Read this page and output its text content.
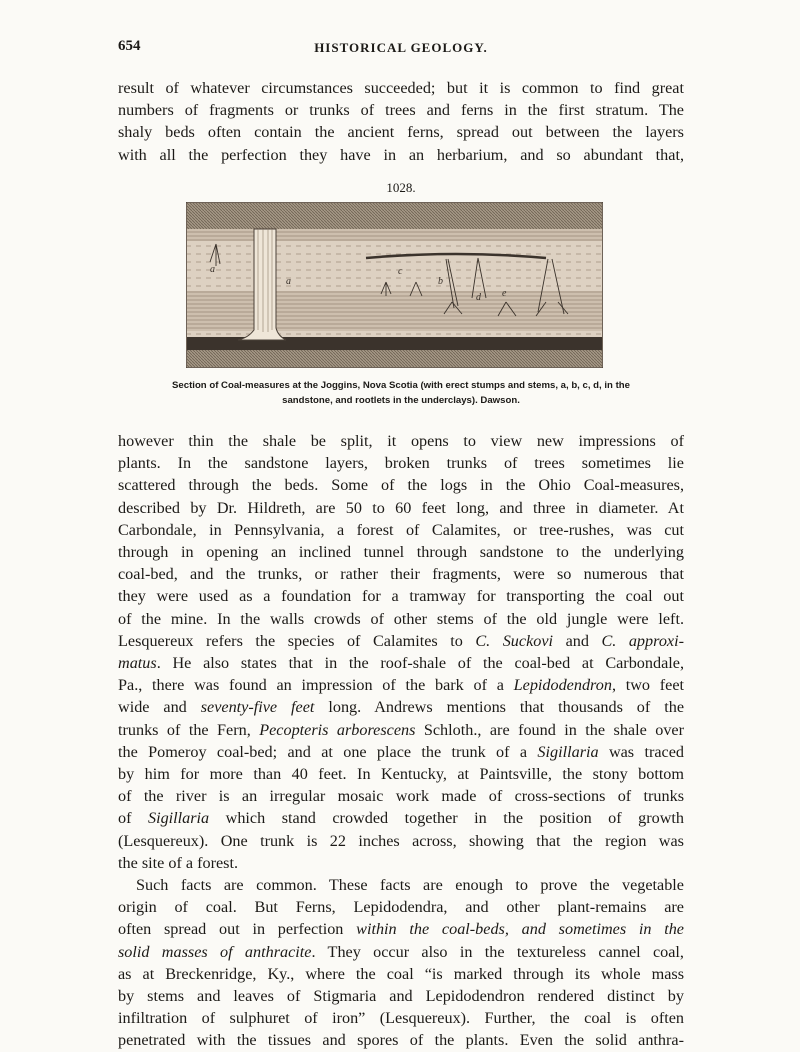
654	HISTORICAL GEOLOGY.

result of whatever circumstances succeeded; but it is common to find great

numbers of fragments or trunks of trees and ferns in the first stratum. The

shaly beds often contain the ancient ferns, spread out between the layers

with all the perfection they have in an herbarium, and so abundant that,

1028.
a
a	b
c
d e
Section of Coal-measures at the Joggins, Nova Scotia (with erect stumps and stems, a, b, c, d, in the
sandstone, and rootlets in the underclays). Dawson.

however thin the shale be split, it opens to view new impressions of

plants. In the sandstone layers, broken trunks of trees sometimes lie

scattered through the beds. Some of the logs in the Ohio Coal-measures,

described by Dr. Hildreth, are 50 to 60 feet long, and three in diameter. At

Carbondale, in Pennsylvania, a forest of Calamites, or tree-rushes, was cut

through in opening an inclined tunnel through sandstone to the underlying

coal-bed, and the trunks, or rather their fragments, were so numerous that

they were used as a foundation for a tramway for transporting the coal out

of the mine. In the walls crowds of other stems of the old jungle were left.

Lesquereux refers the species of Calamites to C. Suckovi and C. approxi-

matus. He also states that in the roof-shale of the coal-bed at Carbondale,

Pa., there was found an impression of the bark of a Lepidodendron, two feet

wide and seventy-five feet long. Andrews mentions that thousands of the

trunks of the Fern, Pecopteris arborescens Schloth., are found in the shale over

the Pomeroy coal-bed; and at one place the trunk of a Sigillaria was traced

by him for more than 40 feet. In Kentucky, at Paintsville, the stony bottom

of the river is an irregular mosaic work made of cross-sections of trunks

of Sigillaria which stand crowded together in the position of growth

(Lesquereux). One trunk is 22 inches across, showing that the region was

the site of a forest.

Such facts are common. These facts are enough to prove the vegetable

origin of coal. But Ferns, Lepidodendra, and other plant-remains are

often spread out in perfection within the coal-beds, and sometimes in the

solid masses of anthracite. They occur also in the textureless cannel coal,

as at Breckenridge, Ky., where the coal “is marked through its whole mass

by stems and leaves of Stigmaria and Lepidodendron rendered distinct by

infiltration of sulphuret of iron” (Lesquereux). Further, the coal is often

penetrated with the tissues and spores of the plants. Even the solid anthra-
